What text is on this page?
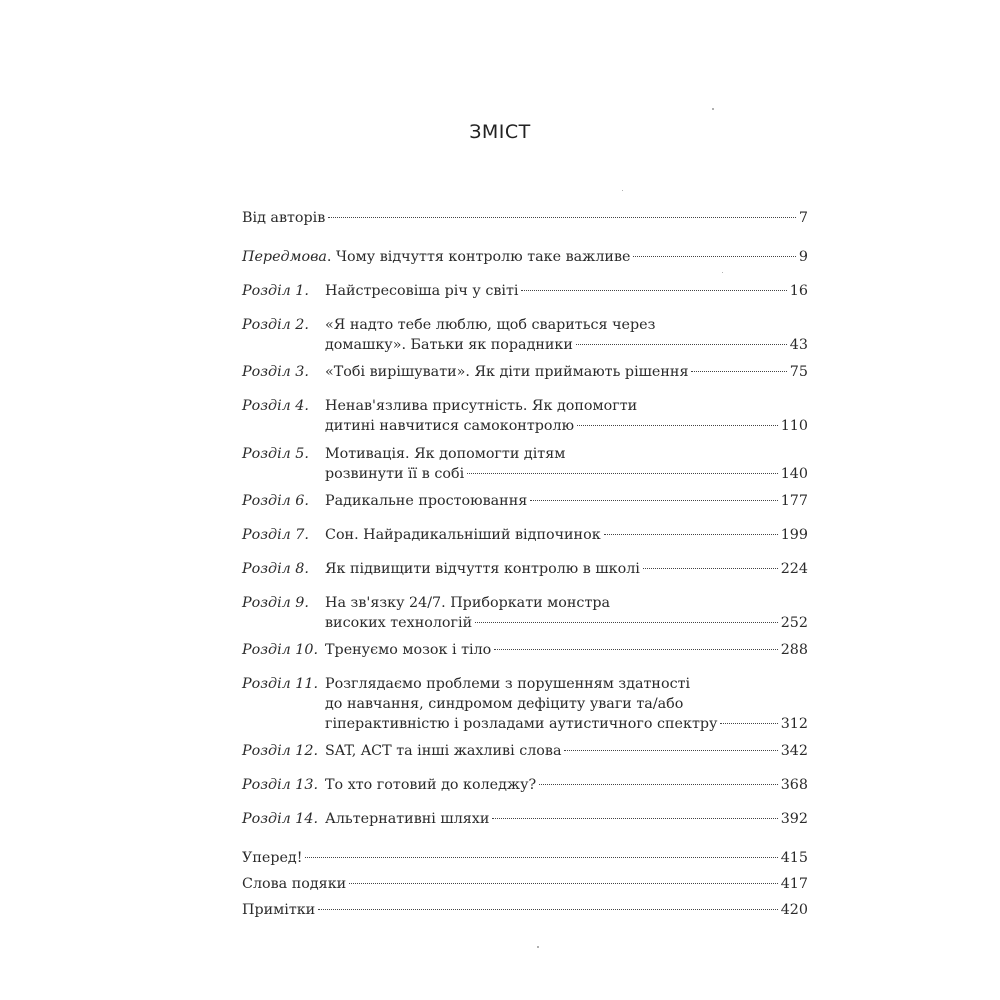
ЗМІСТ
Від авторів	7
Передмова. Чому відчуття контролю таке важливе	9
Розділ 1. Найстресовіша річ у світі	16
Розділ 2. «Я надто тебе люблю, щоб свариться через
домашку». Батьки як порадники	43
Розділ 3. «Тобі вирішувати». Як діти приймають рішення	75
Розділ 4. Ненав'язлива присутність. Як допомогти
дитині навчитися самоконтролю	110
Розділ 5. Мотивація. Як допомогти дітям
розвинути її в собі	140
Розділ 6. Радикальне простоювання	177
Розділ 7. Сон. Найрадикальніший відпочинок	199
Розділ 8. Як підвищити відчуття контролю в школі	224
Розділ 9. На зв'язку 24/7. Приборкати монстра
високих технологій	252
Розділ 10. Тренуємо мозок і тіло	288
Розділ 11. Розглядаємо проблеми з порушенням здатності
до навчання, синдромом дефіциту уваги та/або
гіперактивністю і розладами аутистичного спектру	312
Розділ 12. SAT, ACT та інші жахливі слова	342
Розділ 13. То хто готовий до коледжу?	368
Розділ 14. Альтернативні шляхи	392
Уперед!	415
Слова подяки	417
Примітки	420
